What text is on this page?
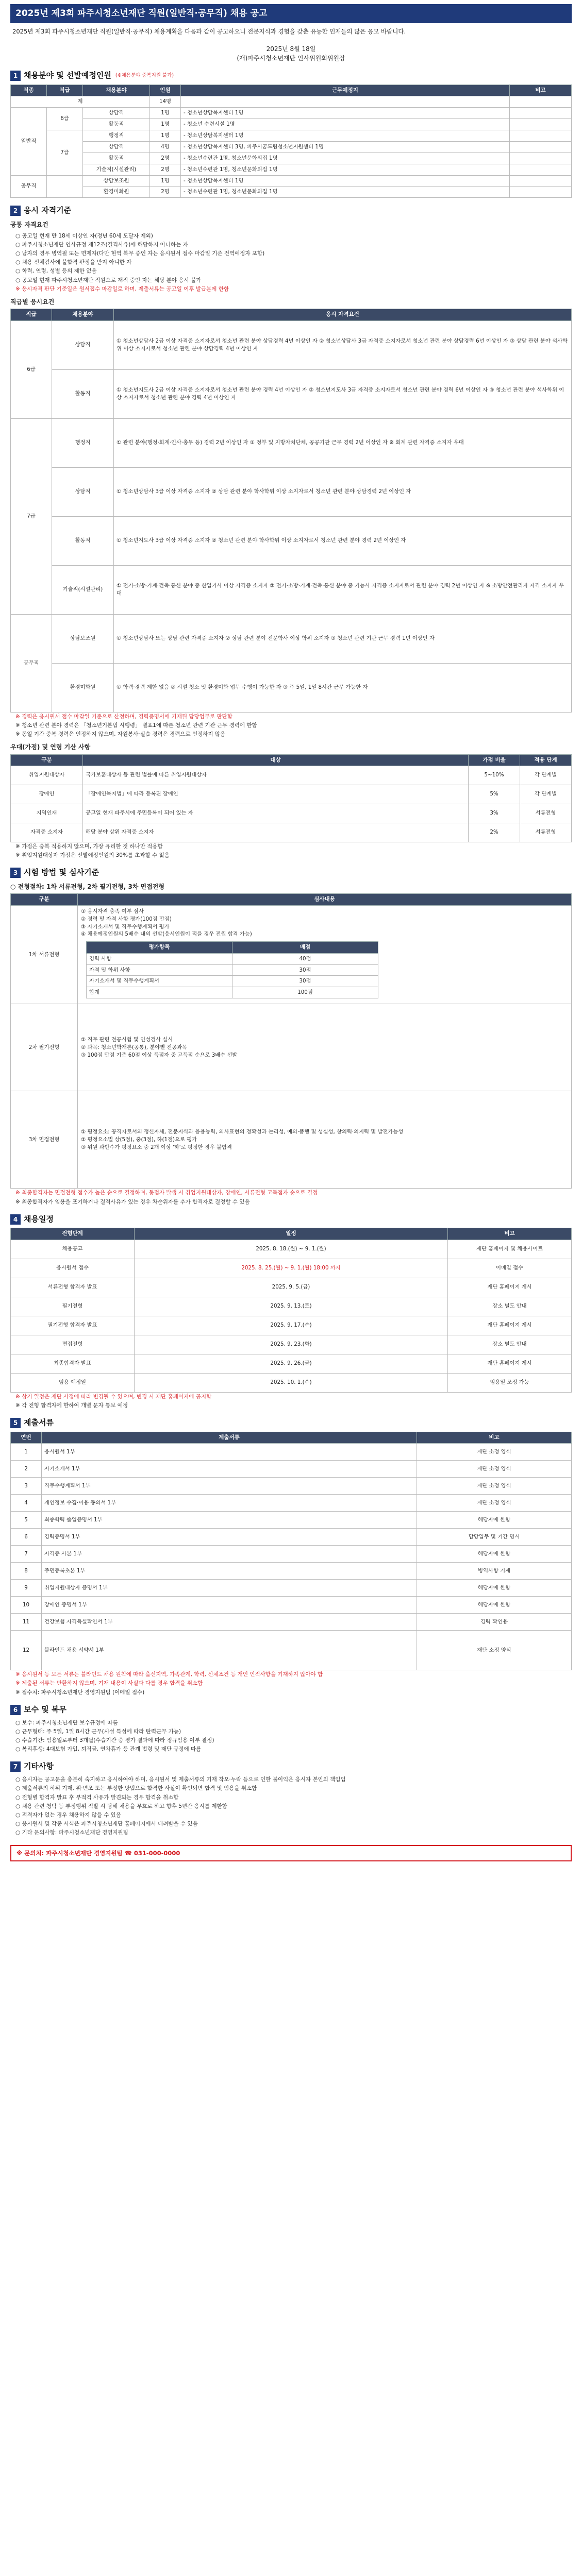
2025년 제3회 파주시청소년재단 직원(일반직·공무직) 채용 공고
2025년 제3회 파주시청소년재단 직원(일반직·공무직) 채용계획을 다음과 같이 공고하오니 전문지식과 경험을 갖춘 유능한 인재들의 많은 응모 바랍니다.
2025년 8월 18일
(재)파주시청소년재단 인사위원회위원장
1 채용분야 및 선발예정인원 (※채용분야 중복지원 불가)
직종	직급	채용분야	인원	근무예정지	비고
계			14명		
일반직	6급	상담직	1명	- 청소년상담복지센터 1명	
		활동직	1명	- 청소년 수련시설 1명	
	7급	행정직	1명	- 청소년상담복지센터 1명	
		상담직	4명	- 청소년상담복지센터 3명, 파주시꿈드림청소년지원센터 1명	
		활동직	2명	- 청소년수련관 1명, 청소년문화의집 1명	
		기술직(시설관리)	2명	- 청소년수련관 1명, 청소년문화의집 1명	
공무직		상담보조원	1명	- 청소년상담복지센터 1명	
		환경미화원	2명	- 청소년수련관 1명, 청소년문화의집 1명	
2 응시 자격기준
공통 자격요건
○ 공고일 현재 만 18세 이상인 자(정년 60세 도달자 제외)
○ 파주시청소년재단 인사규정 제12조(결격사유)에 해당하지 아니하는 자
○ 남자의 경우 병역필 또는 면제자(다만 현역 복무 중인 자는 응시원서 접수 마감일 기준 전역예정자 포함)
○ 채용 신체검사에 불합격 판정을 받지 아니한 자
○ 학력, 연령, 성별 등의 제한 없음
○ 공고일 현재 파주시청소년재단 직원으로 재직 중인 자는 해당 분야 응시 불가
※ 응시자격 판단 기준일은 원서접수 마감일로 하며, 제출서류는 공고일 이후 발급분에 한함
직급별 응시요건
직급	채용분야	응시 자격요건
6급	상담직	① 청소년상담사 2급 이상 자격증 소지자로서 청소년 관련 분야 상담경력 4년 이상인 자 ② 청소년상담사 3급 자격증 소지자로서 청소년 관련 분야 상담경력 6년 이상인 자 ③ 상담 관련 분야 석사학위 이상 소지자로서 청소년 관련 분야 상담경력 4년 이상인 자
	활동직	① 청소년지도사 2급 이상 자격증 소지자로서 청소년 관련 분야 경력 4년 이상인 자 ② 청소년지도사 3급 자격증 소지자로서 청소년 관련 분야 경력 6년 이상인 자 ③ 청소년 관련 분야 석사학위 이상 소지자로서 청소년 관련 분야 경력 4년 이상인 자
7급	행정직	① 관련 분야(행정·회계·인사·총무 등) 경력 2년 이상인 자 ② 정부 및 지방자치단체, 공공기관 근무 경력 2년 이상인 자 ※ 회계 관련 자격증 소지자 우대
	상담직	① 청소년상담사 3급 이상 자격증 소지자 ② 상담 관련 분야 학사학위 이상 소지자로서 청소년 관련 분야 상담경력 2년 이상인 자
	활동직	① 청소년지도사 3급 이상 자격증 소지자 ② 청소년 관련 분야 학사학위 이상 소지자로서 청소년 관련 분야 경력 2년 이상인 자
	기술직(시설관리)	① 전기·소방·기계·건축·통신 분야 중 산업기사 이상 자격증 소지자 ② 전기·소방·기계·건축·통신 분야 중 기능사 자격증 소지자로서 관련 분야 경력 2년 이상인 자 ※ 소방안전관리자 자격 소지자 우대
공무직	상담보조원	① 청소년상담사 또는 상담 관련 자격증 소지자 ② 상담 관련 분야 전문학사 이상 학위 소지자 ③ 청소년 관련 기관 근무 경력 1년 이상인 자
	환경미화원	① 학력·경력 제한 없음 ② 시설 청소 및 환경미화 업무 수행이 가능한 자 ③ 주 5일, 1일 8시간 근무 가능한 자
※ 경력은 응시원서 접수 마감일 기준으로 산정하며, 경력증명서에 기재된 담당업무로 판단함
※ 청소년 관련 분야 경력은 「청소년기본법 시행령」 별표1에 따른 청소년 관련 기관 근무 경력에 한함
※ 동일 기간 중복 경력은 인정하지 않으며, 자원봉사·실습 경력은 경력으로 인정하지 않음
우대(가점) 및 연령 기산 사항
구분	대상	가점 비율	적용 단계
취업지원대상자	국가보훈대상자 등 관련 법률에 따른 취업지원대상자	5~10%	각 단계별
장애인	「장애인복지법」에 따라 등록된 장애인	5%	각 단계별
지역인재	공고일 현재 파주시에 주민등록이 되어 있는 자	3%	서류전형
자격증 소지자	해당 분야 상위 자격증 소지자	2%	서류전형
※ 가점은 중복 적용하지 않으며, 가장 유리한 것 하나만 적용함
※ 취업지원대상자 가점은 선발예정인원의 30%를 초과할 수 없음
3 시험 방법 및 심사기준
○ 전형절차: 1차 서류전형, 2차 필기전형, 3차 면접전형
구분	심사내용
1차 서류전형	
① 응시자격 충족 여부 심사
② 경력 및 자격 사항 평가(100점 만점)
③ 자기소개서 및 직무수행계획서 평가
④ 채용예정인원의 5배수 내외 선발(응시인원이 적을 경우 전원 합격 가능)
평가항목	배점
경력 사항	40점
자격 및 학위 사항	30점
자기소개서 및 직무수행계획서	30점
합계	100점

2차 필기전형	
① 직무 관련 전공시험 및 인성검사 실시
② 과목: 청소년학개론(공통), 분야별 전공과목
③ 100점 만점 기준 60점 이상 득점자 중 고득점 순으로 3배수 선발

3차 면접전형	
① 평정요소: 공직자로서의 정신자세, 전문지식과 응용능력, 의사표현의 정확성과 논리성, 예의·품행 및 성실성, 창의력·의지력 및 발전가능성
② 평정요소별 상(5점), 중(3점), 하(1점)으로 평가
③ 위원 과반수가 평정요소 중 2개 이상 '하'로 평정한 경우 불합격
※ 최종합격자는 면접전형 점수가 높은 순으로 결정하며, 동점자 발생 시 취업지원대상자, 장애인, 서류전형 고득점자 순으로 결정
※ 최종합격자가 임용을 포기하거나 결격사유가 있는 경우 차순위자를 추가 합격자로 결정할 수 있음
4 채용일정
전형단계	일정	비고
채용공고	2025. 8. 18.(월) ~ 9. 1.(월)	재단 홈페이지 및 채용사이트
응시원서 접수	2025. 8. 25.(월) ~ 9. 1.(월) 18:00 까지	이메일 접수
서류전형 합격자 발표	2025. 9. 5.(금)	재단 홈페이지 게시
필기전형	2025. 9. 13.(토)	장소 별도 안내
필기전형 합격자 발표	2025. 9. 17.(수)	재단 홈페이지 게시
면접전형	2025. 9. 23.(화)	장소 별도 안내
최종합격자 발표	2025. 9. 26.(금)	재단 홈페이지 게시
임용 예정일	2025. 10. 1.(수)	임용일 조정 가능
※ 상기 일정은 재단 사정에 따라 변경될 수 있으며, 변경 시 재단 홈페이지에 공지함
※ 각 전형 합격자에 한하여 개별 문자 통보 예정
5 제출서류
연번	제출서류	비고
1	응시원서 1부	재단 소정 양식
2	자기소개서 1부	재단 소정 양식
3	직무수행계획서 1부	재단 소정 양식
4	개인정보 수집·이용 동의서 1부	재단 소정 양식
5	최종학력 졸업증명서 1부	해당자에 한함
6	경력증명서 1부	담당업무 및 기간 명시
7	자격증 사본 1부	해당자에 한함
8	주민등록초본 1부	병역사항 기재
9	취업지원대상자 증명서 1부	해당자에 한함
10	장애인 증명서 1부	해당자에 한함
11	건강보험 자격득실확인서 1부	경력 확인용
12	블라인드 채용 서약서 1부	재단 소정 양식
※ 응시원서 등 모든 서류는 블라인드 채용 원칙에 따라 출신지역, 가족관계, 학력, 신체조건 등 개인 인적사항을 기재하지 않아야 함
※ 제출된 서류는 반환하지 않으며, 기재 내용이 사실과 다를 경우 합격을 취소함
※ 접수처: 파주시청소년재단 경영지원팀 (이메일 접수)
6 보수 및 복무
○ 보수: 파주시청소년재단 보수규정에 따름
○ 근무형태: 주 5일, 1일 8시간 근무(시설 특성에 따라 탄력근무 가능)
○ 수습기간: 임용일로부터 3개월(수습기간 중 평가 결과에 따라 정규임용 여부 결정)
○ 복리후생: 4대보험 가입, 퇴직금, 연차휴가 등 관계 법령 및 재단 규정에 따름
7 기타사항
○ 응시자는 공고문을 충분히 숙지하고 응시하여야 하며, 응시원서 및 제출서류의 기재 착오·누락 등으로 인한 불이익은 응시자 본인의 책임임
○ 제출서류의 허위 기재, 위·변조 또는 부정한 방법으로 합격한 사실이 확인되면 합격 및 임용을 취소함
○ 전형별 합격자 발표 후 부적격 사유가 발견되는 경우 합격을 취소함
○ 채용 관련 청탁 등 부정행위 적발 시 당해 채용을 무효로 하고 향후 5년간 응시를 제한함
○ 적격자가 없는 경우 채용하지 않을 수 있음
○ 응시원서 및 각종 서식은 파주시청소년재단 홈페이지에서 내려받을 수 있음
○ 기타 문의사항: 파주시청소년재단 경영지원팀
※ 문의처: 파주시청소년재단 경영지원팀 ☎ 031-000-0000
